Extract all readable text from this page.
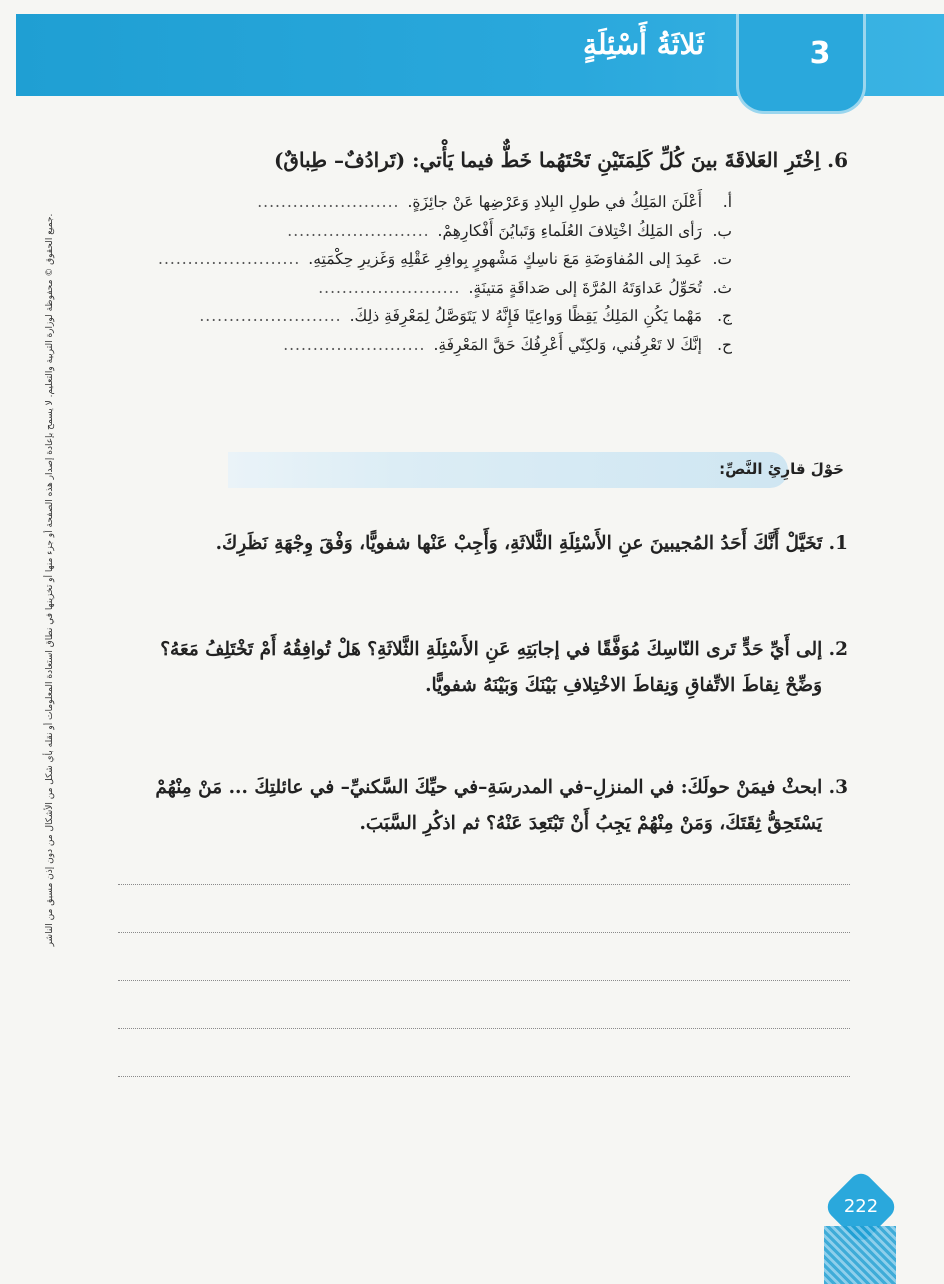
3
ثَلاثَةُ أَسْئِلَةٍ
جميع الحقوق © محفوظة لوزارة التربية والتعليم. لا يسمح بإعادة إصدار هذه الصفحة أو جزء منها أو تخزينها في نطاق استعادة المعلومات أو نقله بأي شكل من الأشكال من دون إذن مسبق من الناشر.
6. اِخْتَرِ العَلاقَةَ بينَ كُلِّ كَلِمَتَيْنِ تَحْتَهُما خَطٌّ فيما يَأْتي: (تَرادُفٌ– طِباقٌ)
أ.
أَعْلَنَ المَلِكُ في طولِ البِلادِ وَعَرْضِها عَنْ جائِزَةٍ.
........................
ب.
رَأى المَلِكُ اخْتِلافَ العُلَماءِ وَتَبايُنَ أَفْكارِهِمْ.
........................
ت.
عَمِدَ إلى المُفاوَضَةِ مَعَ ناسِكٍ مَشْهورٍ بِوافِرِ عَقْلِهِ وَغَزيرِ حِكْمَتِهِ.
........................
ث.
تُحَوِّلُ عَداوَتَهُ المُرَّةَ إلى صَداقَةٍ مَتينَةٍ.
........................
ج.
مَهْما يَكُنِ المَلِكُ يَقِظًا وَواعِيًا فَإِنَّهُ لا يَتَوَصَّلُ لِمَعْرِفَةِ ذلِكَ.
........................
ح.
إنَّكَ لا تَعْرِفُني، وَلكِنّي أَعْرِفُكَ حَقَّ المَعْرِفَةِ.
........................
حَوْلَ قارِئِ النَّصِّ:
1. تَخَيَّلْ أَنَّكَ أَحَدُ المُجيبينَ عنِ الأَسْئِلَةِ الثَّلاثَةِ، وَأَجِبْ عَنْها شفويًّا، وَفْقَ وِجْهَةِ نَظَرِكَ.
2. إلى أَيِّ حَدٍّ تَرى النّاسِكَ مُوَفَّقًا في إجابَتِهِ عَنِ الأَسْئِلَةِ الثَّلاثَةِ؟ هَلْ تُوافِقُهُ أَمْ تَخْتَلِفُ مَعَهُ؟
وَضِّحْ نِقاطَ الاتِّفاقِ وَنِقاطَ الاخْتِلافِ بَيْنَكَ وَبَيْنَهُ شفويًّا.
3. ابحثْ فيمَنْ حولَكَ: في المنزلِ–في المدرسَةِ–في حيِّكَ السَّكنيِّ– في عائلتِكَ ... مَنْ مِنْهُمْ
يَسْتَحِقُّ ثِقَتَكَ، وَمَنْ مِنْهُمْ يَجِبُ أَنْ تَبْتَعِدَ عَنْهُ؟ ثم اذكُرِ السَّبَبَ.
222
